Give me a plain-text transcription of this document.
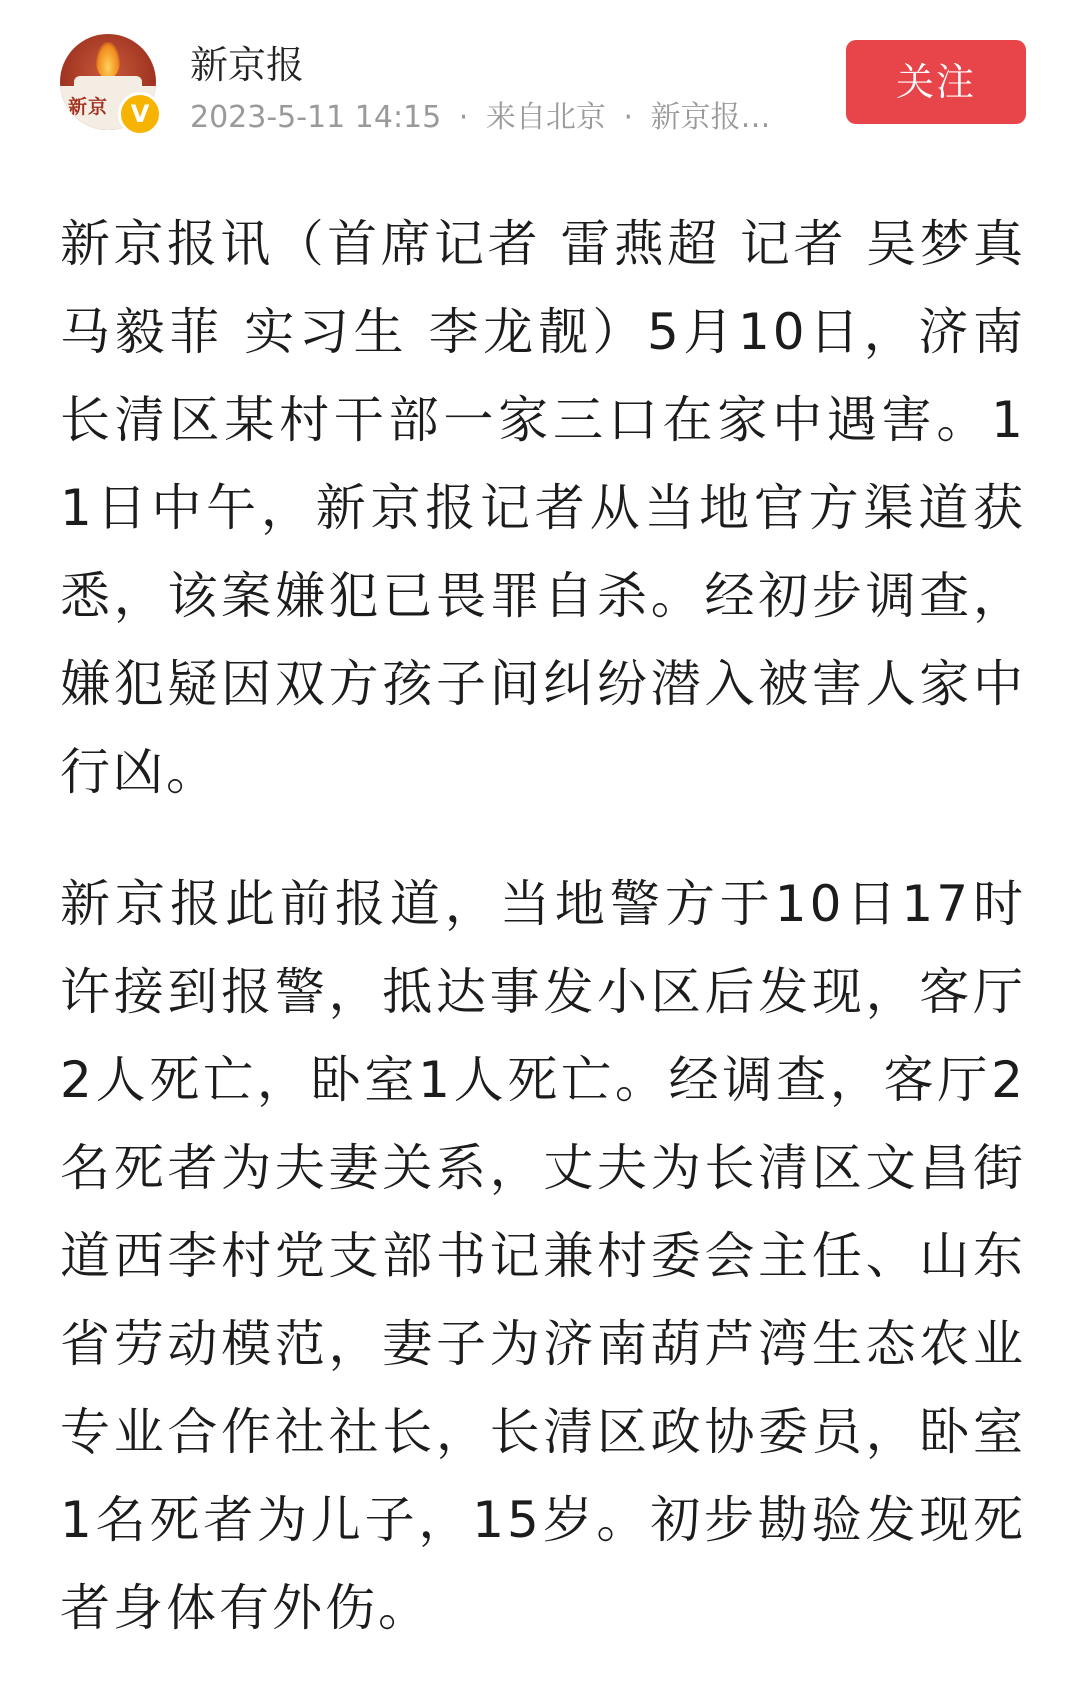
新京 V
新京报
2023-5-11 14:15 · 来自北京 · 新京报…
关注

新京报讯（首席记者 雷燕超 记者 吴梦真 马毅菲 实习生 李龙靓）5月10日，济南长清区某村干部一家三口在家中遇害。11日中午，新京报记者从当地官方渠道获悉，该案嫌犯已畏罪自杀。经初步调查，嫌犯疑因双方孩子间纠纷潜入被害人家中行凶。

新京报此前报道，当地警方于10日17时许接到报警，抵达事发小区后发现，客厅2人死亡，卧室1人死亡。经调查，客厅2名死者为夫妻关系，丈夫为长清区文昌街道西李村党支部书记兼村委会主任、山东省劳动模范，妻子为济南葫芦湾生态农业专业合作社社长，长清区政协委员，卧室1名死者为儿子，15岁。初步勘验发现死者身体有外伤。
